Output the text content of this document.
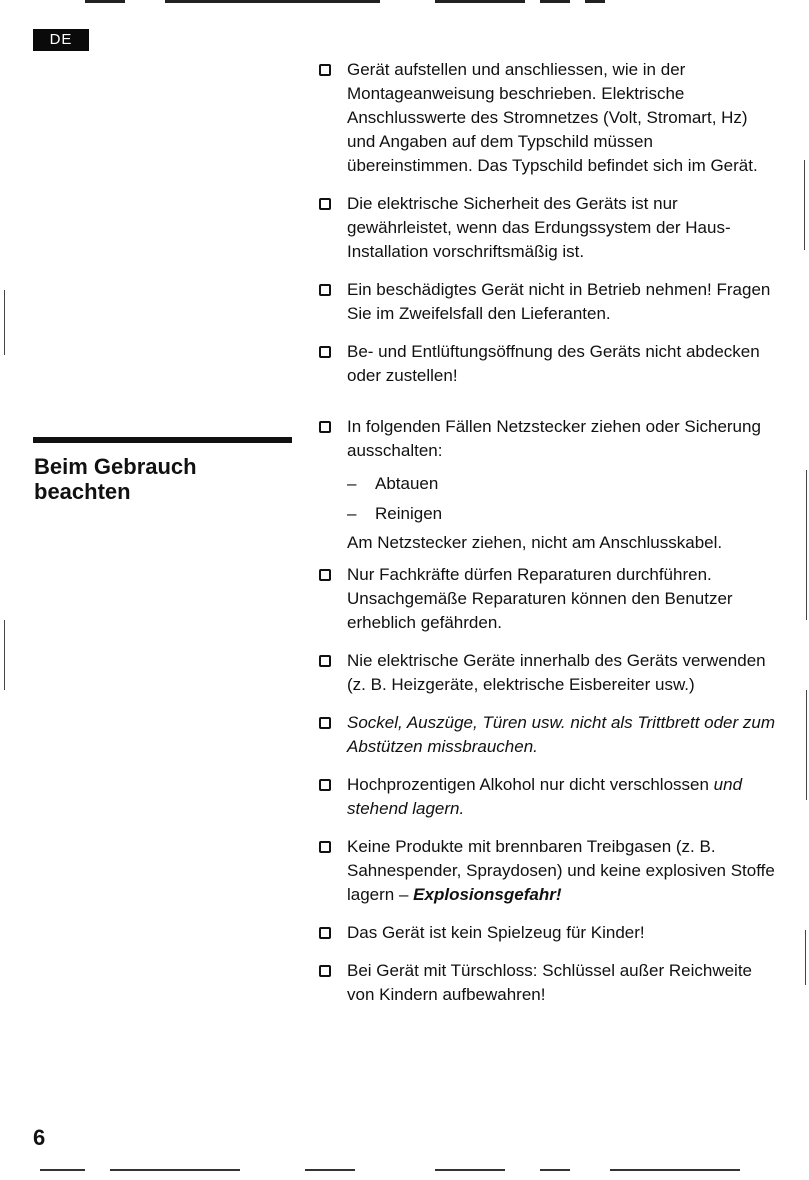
DE
Beim Gebrauch beachten
Gerät aufstellen und anschliessen, wie in der Montageanweisung beschrieben. Elektrische Anschlusswerte des Stromnetzes (Volt, Stromart, Hz) und Angaben auf dem Typschild müssen übereinstimmen. Das Typschild befindet sich im Gerät.
Die elektrische Sicherheit des Geräts ist nur gewährleistet, wenn das Erdungssystem der Haus-Installation vorschriftsmäßig ist.
Ein beschädigtes Gerät nicht in Betrieb nehmen! Fragen Sie im Zweifelsfall den Lieferanten.
Be- und Entlüftungsöffnung des Geräts nicht abdecken oder zustellen!
In folgenden Fällen Netzstecker ziehen oder Sicherung ausschalten:
– Abtauen
– Reinigen
Am Netzstecker ziehen, nicht am Anschlusskabel.
Nur Fachkräfte dürfen Reparaturen durchführen. Unsachgemäße Reparaturen können den Benutzer erheblich gefährden.
Nie elektrische Geräte innerhalb des Geräts verwenden (z. B. Heizgeräte, elektrische Eisbereiter usw.)
Sockel, Auszüge, Türen usw. nicht als Trittbrett oder zum Abstützen missbrauchen.
Hochprozentigen Alkohol nur dicht verschlossen und stehend lagern.
Keine Produkte mit brennbaren Treibgasen (z. B. Sahnespender, Spraydosen) und keine explosiven Stoffe lagern – Explosionsgefahr!
Das Gerät ist kein Spielzeug für Kinder!
Bei Gerät mit Türschloss: Schlüssel außer Reichweite von Kindern aufbewahren!
6
